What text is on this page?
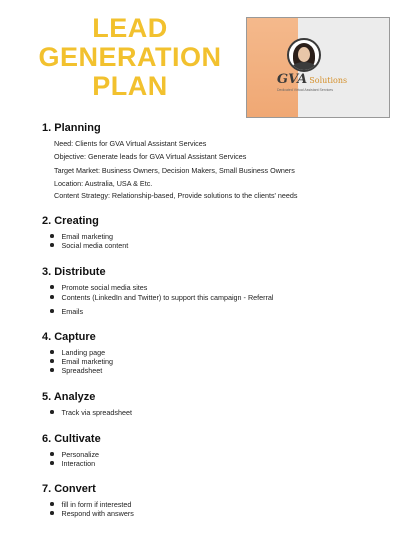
LEAD
GENERATION
PLAN	GVA Solutions
Dedicated Virtual Assistant Services
1. Planning
Need: Clients for GVA Virtual Assistant Services
Objective: Generate leads for GVA Virtual Assistant Services
Target Market: Business Owners, Decision Makers, Small Business Owners
Location: Australia, USA & Etc.
Content Strategy: Relationship-based, Provide solutions to the clients' needs
2. Creating
Email marketing
Social media content
3. Distribute
Promote social media sites
Contents (LinkedIn and Twitter) to support this campaign - Referral
Emails
4. Capture
Landing page
Email marketing
Spreadsheet
5. Analyze
Track via spreadsheet
6. Cultivate
Personalize
Interaction
7. Convert
fill in form if interested
Respond with answers
